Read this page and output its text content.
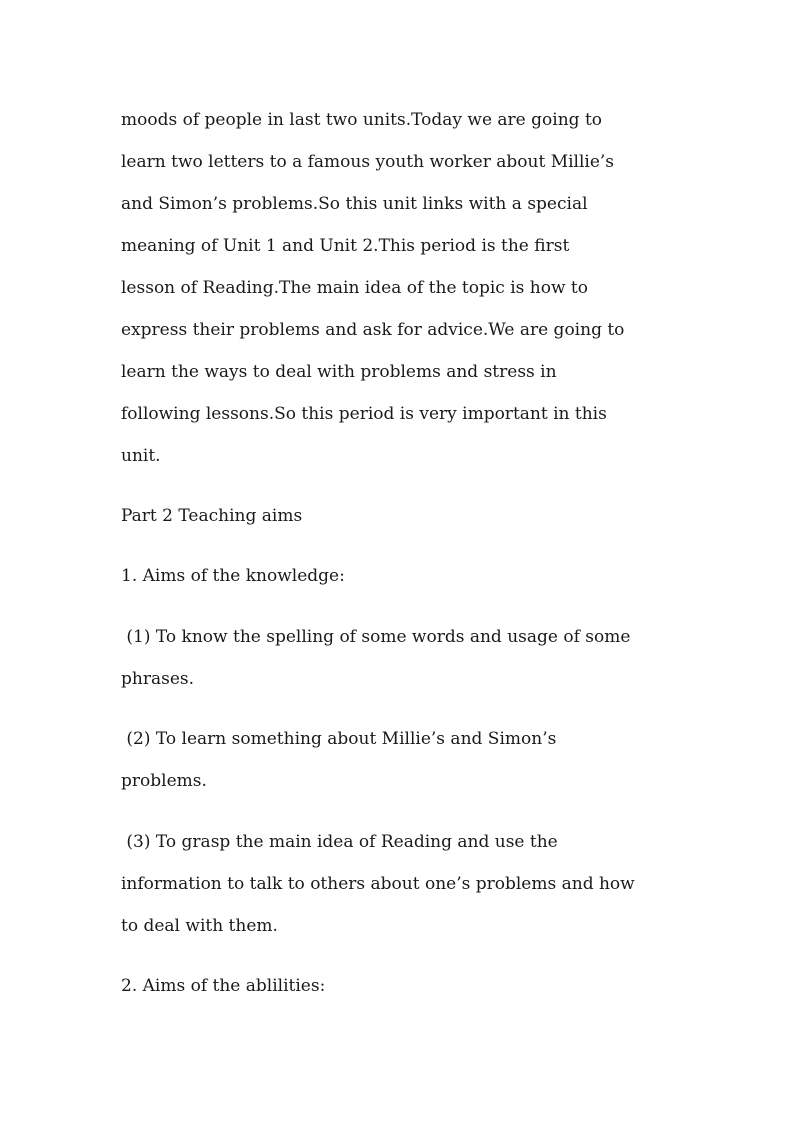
moods of people in last two units.Today we are going to

learn two letters to a famous youth worker about Millie’s

and Simon’s problems.So this unit links with a special

meaning of Unit 1 and Unit 2.This period is the first

lesson of Reading.The main idea of the topic is how to

express their problems and ask for advice.We are going to

learn the ways to deal with problems and stress in

following lessons.So this period is very important in this

unit.

Part 2 Teaching aims

1. Aims of the knowledge:

(1) To know the spelling of some words and usage of some

phrases.

(2) To learn something about Millie’s and Simon’s

problems.

(3) To grasp the main idea of Reading and use the

information to talk to others about one’s problems and how

to deal with them.

2. Aims of the ablilities:
